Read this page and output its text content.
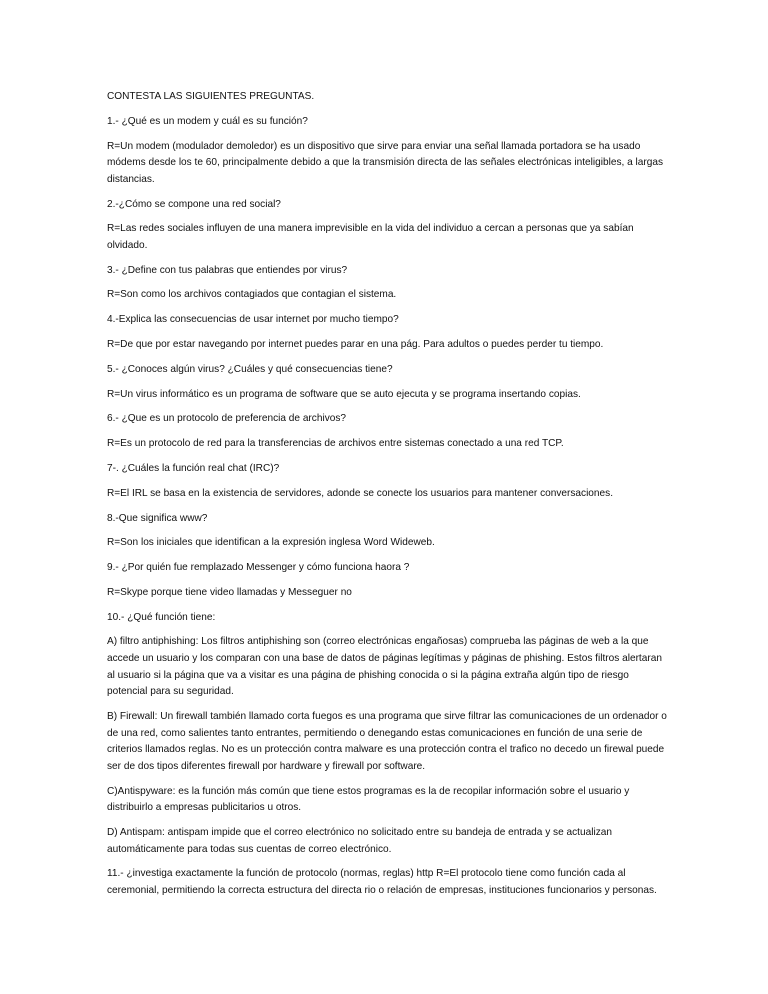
CONTESTA LAS SIGUIENTES PREGUNTAS.

1.- ¿Qué es un modem y cuál es su función?

R=Un modem (modulador demoledor) es un dispositivo que sirve para enviar una señal llamada portadora se ha usado módems desde los te 60, principalmente debido a que la transmisión directa de las señales electrónicas inteligibles, a largas distancias.

2.-¿Cómo se compone una red social?

R=Las redes sociales influyen de una manera imprevisible en la vida del individuo a cercan a personas que ya sabían olvidado.

3.- ¿Define con tus palabras que entiendes por virus?

R=Son como los archivos contagiados que contagian el sistema.

4.-Explica las consecuencias de usar internet por mucho tiempo?

R=De que por estar navegando por internet puedes parar en una pág. Para adultos o puedes perder tu tiempo.

5.- ¿Conoces algún virus? ¿Cuáles y qué consecuencias tiene?

R=Un virus informático es un programa de software que se auto ejecuta y se programa insertando copias.

6.- ¿Que es un protocolo de preferencia de archivos?

R=Es un protocolo de red para la transferencias de archivos entre sistemas conectado a una red TCP.

7-. ¿Cuáles la función real chat (IRC)?

R=El IRL se basa en la existencia de servidores, adonde se conecte los usuarios para mantener conversaciones.

8.-Que significa www?

R=Son los iniciales que identifican a la expresión inglesa Word Wideweb.

9.- ¿Por quién fue remplazado Messenger y cómo funciona haora ?

R=Skype porque tiene video llamadas y Messeguer no

10.- ¿Qué función tiene:

A) filtro antiphishing: Los filtros antiphishing son (correo electrónicas engañosas) comprueba las páginas de web a la que accede un usuario y los comparan con una base de datos de páginas legítimas y páginas de phishing. Estos filtros alertaran al usuario si la página que va a visitar es una página de phishing conocida o si la página extraña algún tipo de riesgo potencial para su seguridad.

B) Firewall: Un firewall también llamado corta fuegos es una programa que sirve filtrar las comunicaciones de un ordenador o de una red, como salientes tanto entrantes, permitiendo o denegando estas comunicaciones en función de una serie de criterios llamados reglas. No es un protección contra malware es una protección contra el trafico no decedo un firewal puede ser de dos tipos diferentes firewall por hardware y firewall por software.

C)Antispyware: es la función más común que tiene estos programas es la de recopilar información sobre el usuario y distribuirlo a empresas publicitarios u otros.

D) Antispam: antispam impide que el correo electrónico no solicitado entre su bandeja de entrada y se actualizan automáticamente para todas sus cuentas de correo electrónico.

11.- ¿investiga exactamente la función de protocolo (normas, reglas) http R=El protocolo tiene como función cada al ceremonial, permitiendo la correcta estructura del directa rio o relación de empresas, instituciones funcionarios y personas.
